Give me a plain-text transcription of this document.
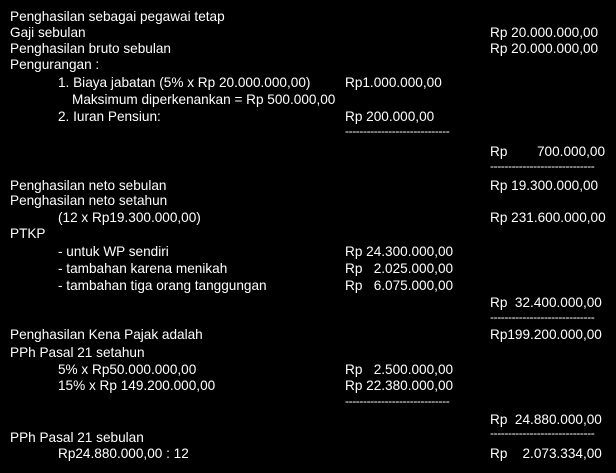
Penghasilan sebagai pegawai tetap
Gaji sebulan	Rp 20.000.000,00
Penghasilan bruto sebulan	Rp 20.000.000,00
Pengurangan :
1. Biaya jabatan (5% x Rp 20.000.000,00)	Rp1.000.000,00
Maksimum diperkenankan = Rp 500.000,00
2. Iuran Pensiun:	Rp 200.000,00
-----------------------------
Rp 700.000,00
-----------------------------
Penghasilan neto sebulan	Rp 19.300.000,00
Penghasilan neto setahun
(12 x Rp19.300.000,00)	Rp 231.600.000,00
PTKP
- untuk WP sendiri	Rp 24.300.000,00
- tambahan karena menikah	Rp   2.025.000,00
- tambahan tiga orang tanggungan	Rp   6.075.000,00
Rp  32.400.000,00
-----------------------------
Penghasilan Kena Pajak adalah	Rp199.200.000,00
PPh Pasal 21 setahun
5% x Rp50.000.000,00	Rp   2.500.000,00
15% x Rp 149.200.000,00	Rp 22.380.000,00
-----------------------------
Rp  24.880.000,00
-----------------------------
PPh Pasal 21 sebulan
Rp24.880.000,00 : 12	Rp    2.073.334,00
